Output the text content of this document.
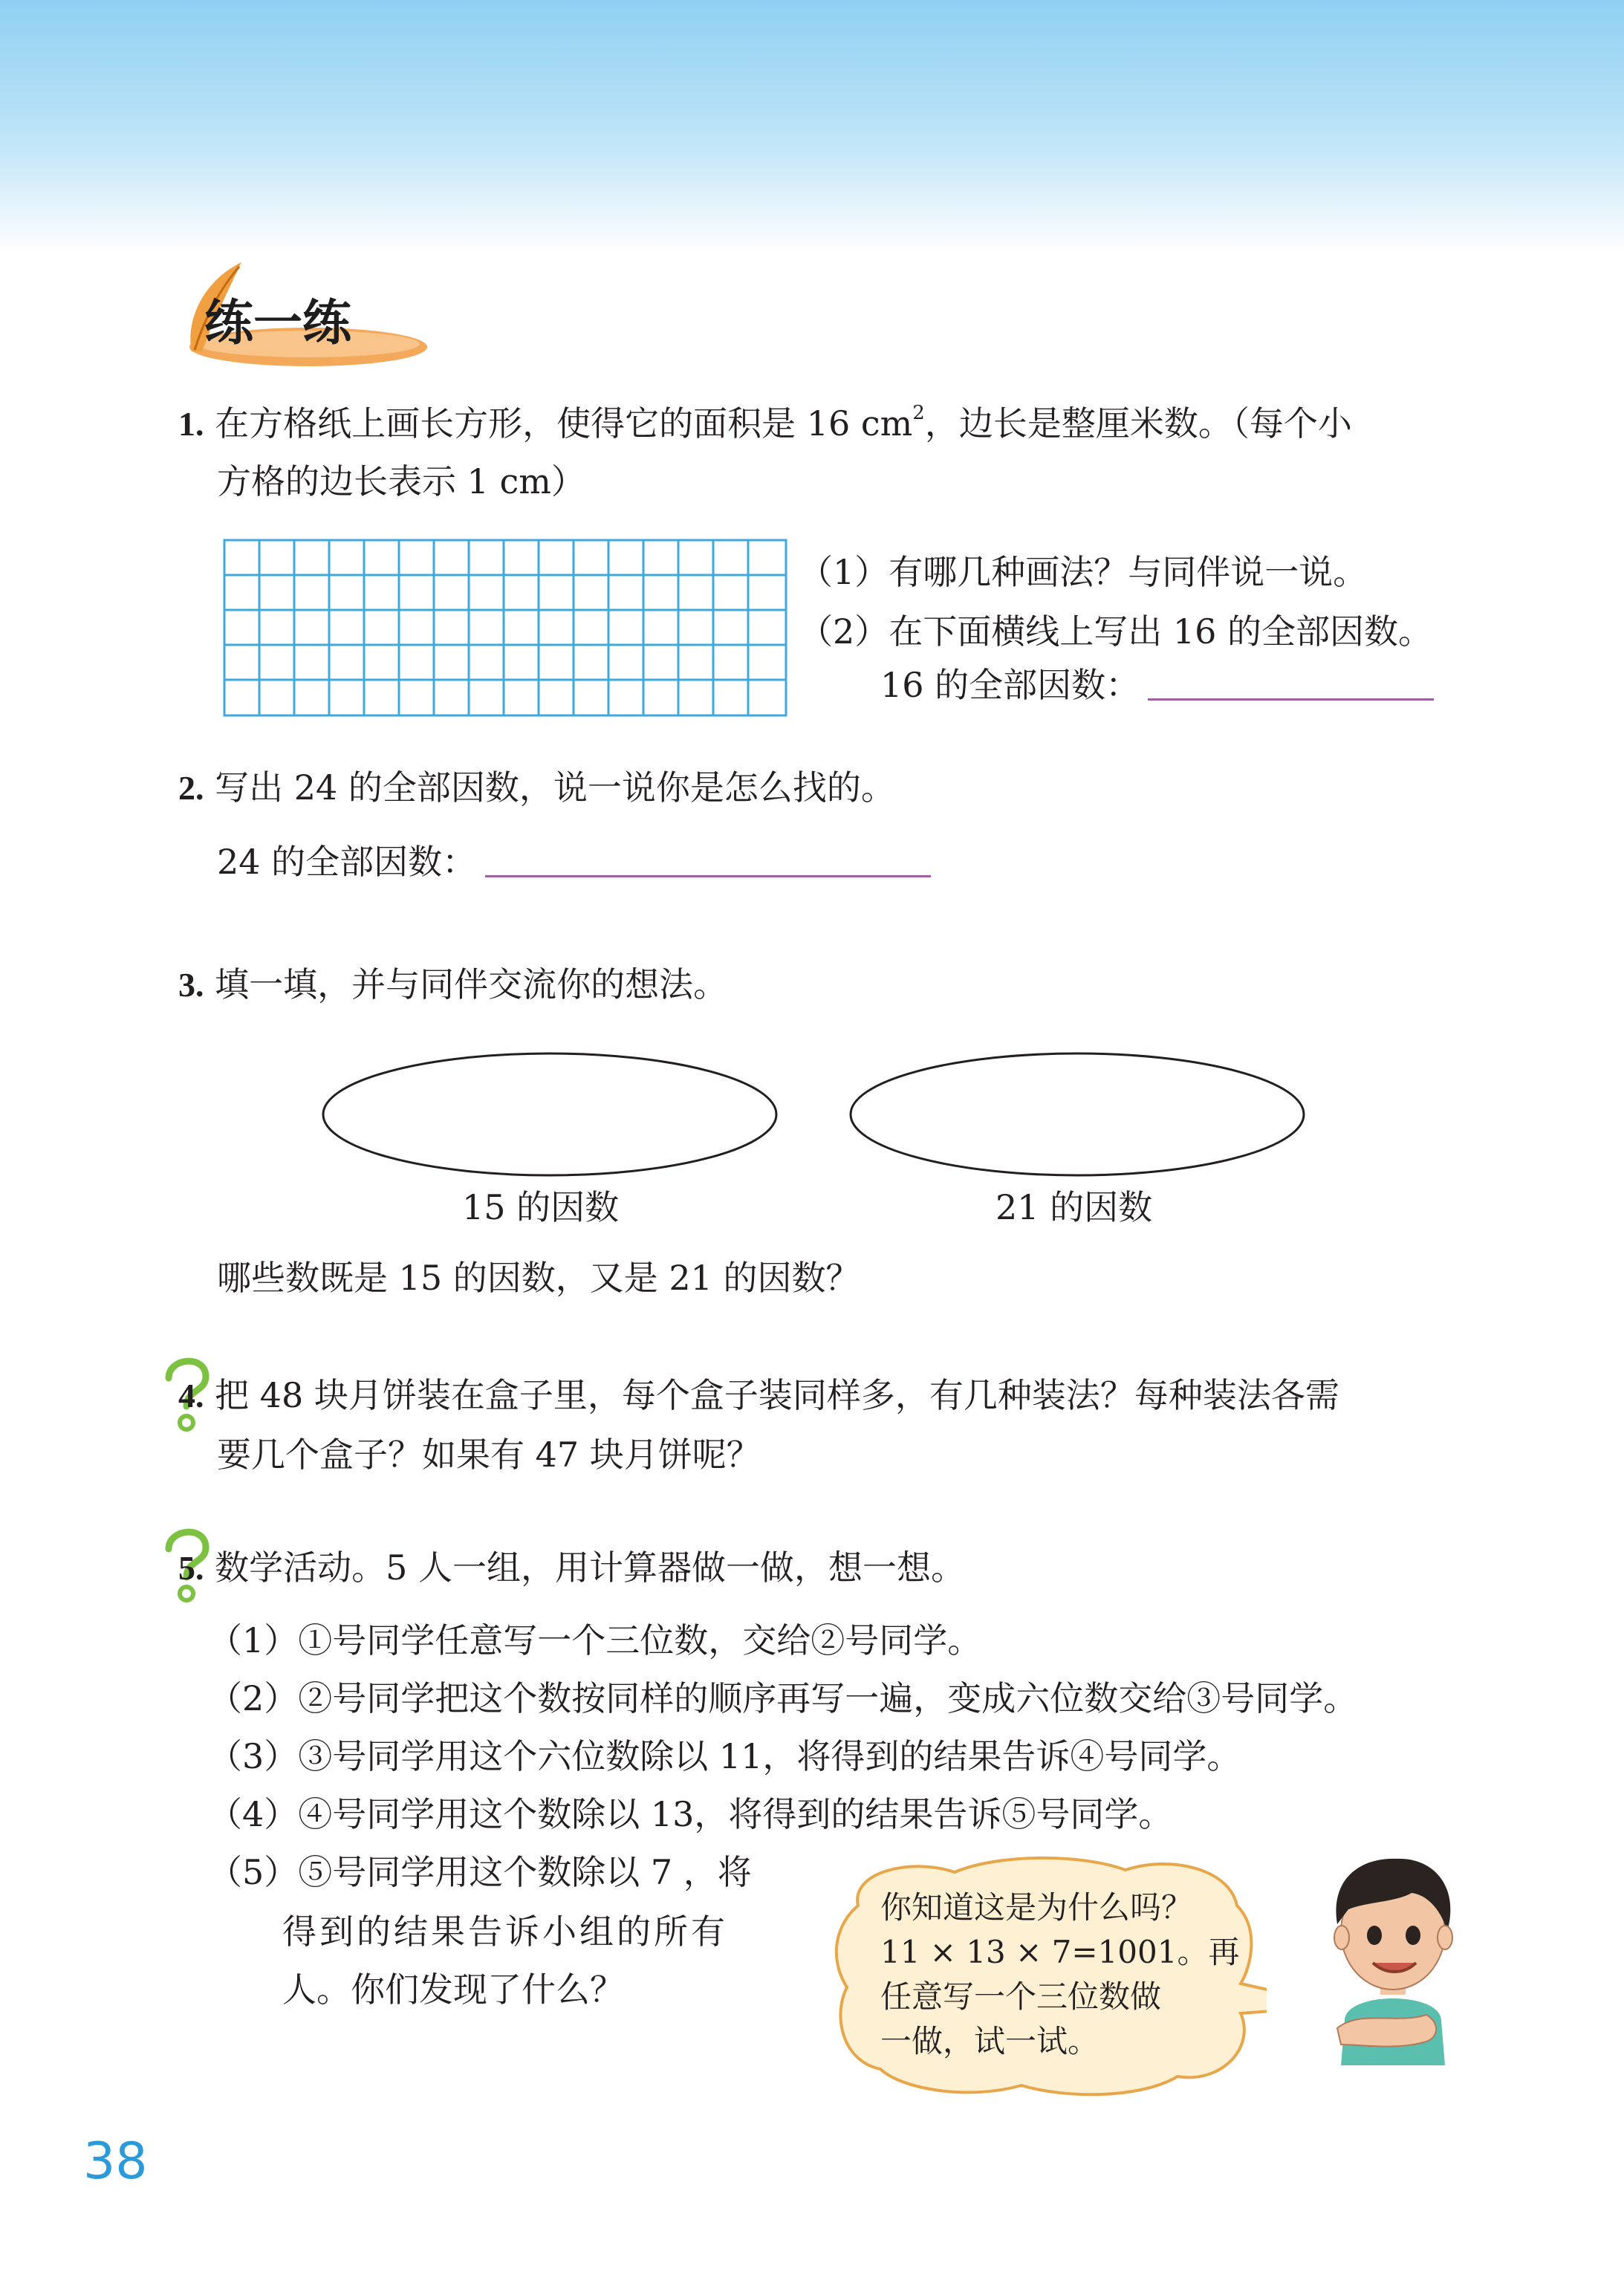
练一练
1. 在方格纸上画长方形，使得它的面积是 16 $cm^2$，边长是整厘米数。（每个小
方格的边长表示 1 cm）
（1）有哪几种画法？与同伴说一说。
（2）在下面横线上写出 16 的全部因数。
16 的全部因数：
2. 写出 24 的全部因数，说一说你是怎么找的。
24 的全部因数：
3. 填一填，并与同伴交流你的想法。
15 的因数	21 的因数
哪些数既是 15 的因数，又是 21 的因数？
4. 把 48 块月饼装在盒子里，每个盒子装同样多，有几种装法？每种装法各需
要几个盒子？如果有 47 块月饼呢？
5. 数学活动。5 人一组，用计算器做一做，想一想。
（1）①号同学任意写一个三位数，交给②号同学。
（2）②号同学把这个数按同样的顺序再写一遍，变成六位数交给③号同学。
（3）③号同学用这个六位数除以 11，将得到的结果告诉④号同学。
（4）④号同学用这个数除以 13，将得到的结果告诉⑤号同学。
（5）⑤号同学用这个数除以 7 ，将
得到的结果告诉小组的所有
人。你们发现了什么？
你知道这是为什么吗？
11 × 13 × 7=1001。再
任意写一个三位数做
一做，试一试。
38
